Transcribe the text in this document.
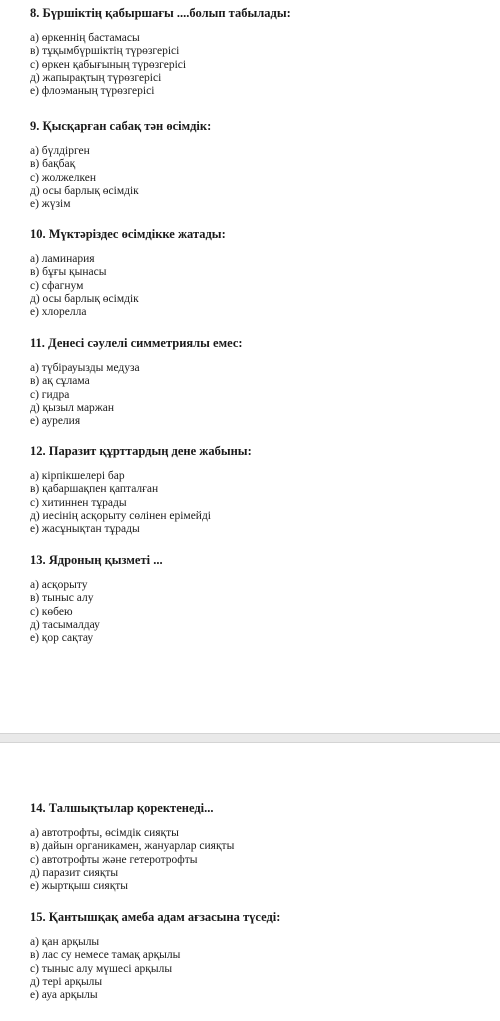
8. Бүршіктің қабыршағы ....болып табылады:

а) өркеннің бастамасы

в) тұқымбүршіктің түрөзгерісі

с) өркен қабығының түрөзгерісі

д) жапырақтың түрөзгерісі

е) флоэманың түрөзгерісі

9. Қысқарған сабақ тән өсімдік:

а) бүлдірген

в) бақбақ

с) жолжелкен

д) осы барлық өсімдік

е) жүзім

10. Мүктәріздес өсімдікке жатады:

а) ламинария

в) бұғы қынасы

с) сфагнум

д) осы барлық өсімдік

е) хлорелла

11. Денесі сәулелі симметриялы емес:

а) түбірауызды медуза

в) ақ сұлама

с) гидра

д) қызыл маржан

е) аурелия

12. Паразит құрттардың дене жабыны:

а) кірпікшелері бар

в) қабаршақпен қапталған

с) хитиннен тұрады

д) иесінің асқорыту сөлінен ерімейді

е) жасұнықтан тұрады

13. Ядроның қызметі ...

а) асқорыту

в) тыныс алу

с) көбею

д) тасымалдау

е) қор сақтау

14. Талшықтылар қоректенеді...

а) автотрофты, өсімдік сияқты

в) дайын органикамен, жануарлар сияқты

с) автотрофты және гетеротрофты

д) паразит сияқты

е) жыртқыш сияқты

15. Қантышқақ амеба адам ағзасына түседі:

а) қан арқылы

в) лас су немесе тамақ арқылы

с) тыныс алу мүшесі арқылы

д) тері арқылы

е) ауа арқылы
